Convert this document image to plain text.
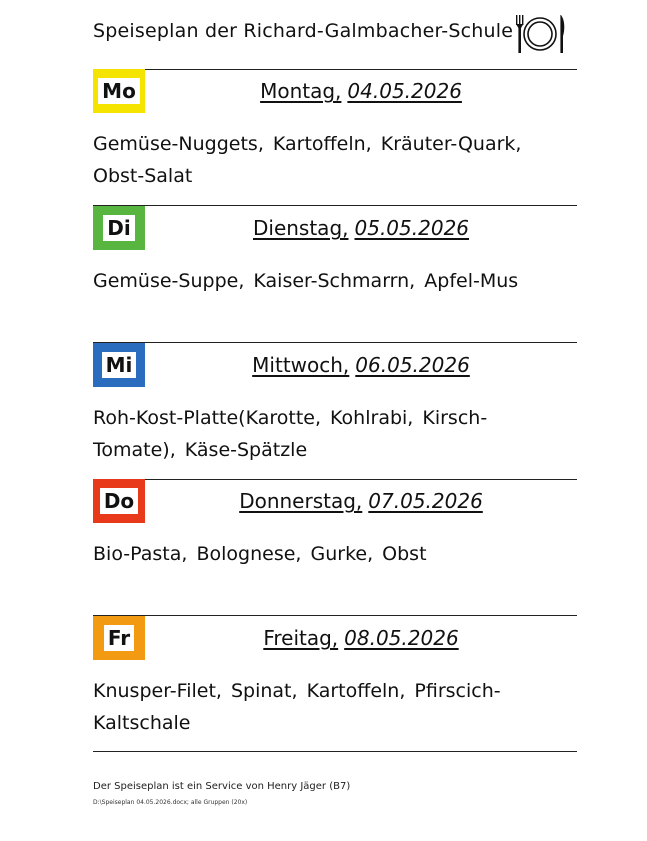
Speiseplan der Richard-Galmbacher-Schule
Mo	Montag, 04.05.2026
Gemüse-Nuggets, Kartoffeln, Kräuter-Quark, Obst-Salat
Di	Dienstag, 05.05.2026
Gemüse-Suppe, Kaiser-Schmarrn, Apfel-Mus
Mi	Mittwoch, 06.05.2026
Roh-Kost-Platte(Karotte, Kohlrabi, Kirsch-Tomate), Käse-Spätzle
Do	Donnerstag, 07.05.2026
Bio-Pasta, Bolognese, Gurke, Obst
Fr	Freitag, 08.05.2026
Knusper-Filet, Spinat, Kartoffeln, Pfirscich-Kaltschale
Der Speiseplan ist ein Service von Henry Jäger (B7)
D:\Speiseplan 04.05.2026.docx; alle Gruppen (20x)
